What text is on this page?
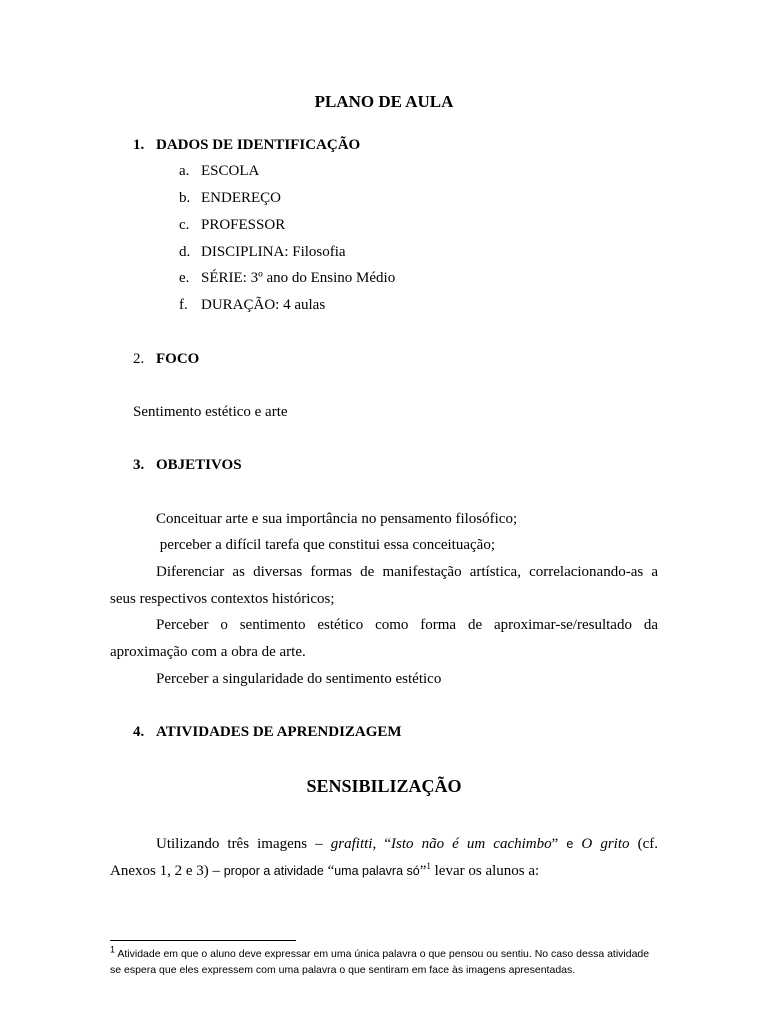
PLANO DE AULA
1. DADOS DE IDENTIFICAÇÃO
a. ESCOLA
b. ENDEREÇO
c. PROFESSOR
d. DISCIPLINA: Filosofia
e. SÉRIE: 3º ano do Ensino Médio
f. DURAÇÃO: 4 aulas
2. FOCO
Sentimento estético e arte
3. OBJETIVOS
Conceituar arte e sua importância no pensamento filosófico;
perceber a difícil tarefa que constitui essa conceituação;
Diferenciar as diversas formas de manifestação artística, correlacionando-as a
seus respectivos contextos históricos;
Perceber o sentimento estético como forma de aproximar-se/resultado da
aproximação com a obra de arte.
Perceber a singularidade do sentimento estético
4. ATIVIDADES DE APRENDIZAGEM
SENSIBILIZAÇÃO
Utilizando três imagens – grafitti, “Isto não é um cachimbo” e O grito (cf.
Anexos 1, 2 e 3) – propor a atividade “uma palavra só”$^1$ levar os alunos a:
$^1$ Atividade em que o aluno deve expressar em uma única palavra o que pensou ou sentiu. No caso dessa atividade se espera que eles expressem com uma palavra o que sentiram em face às imagens apresentadas.
